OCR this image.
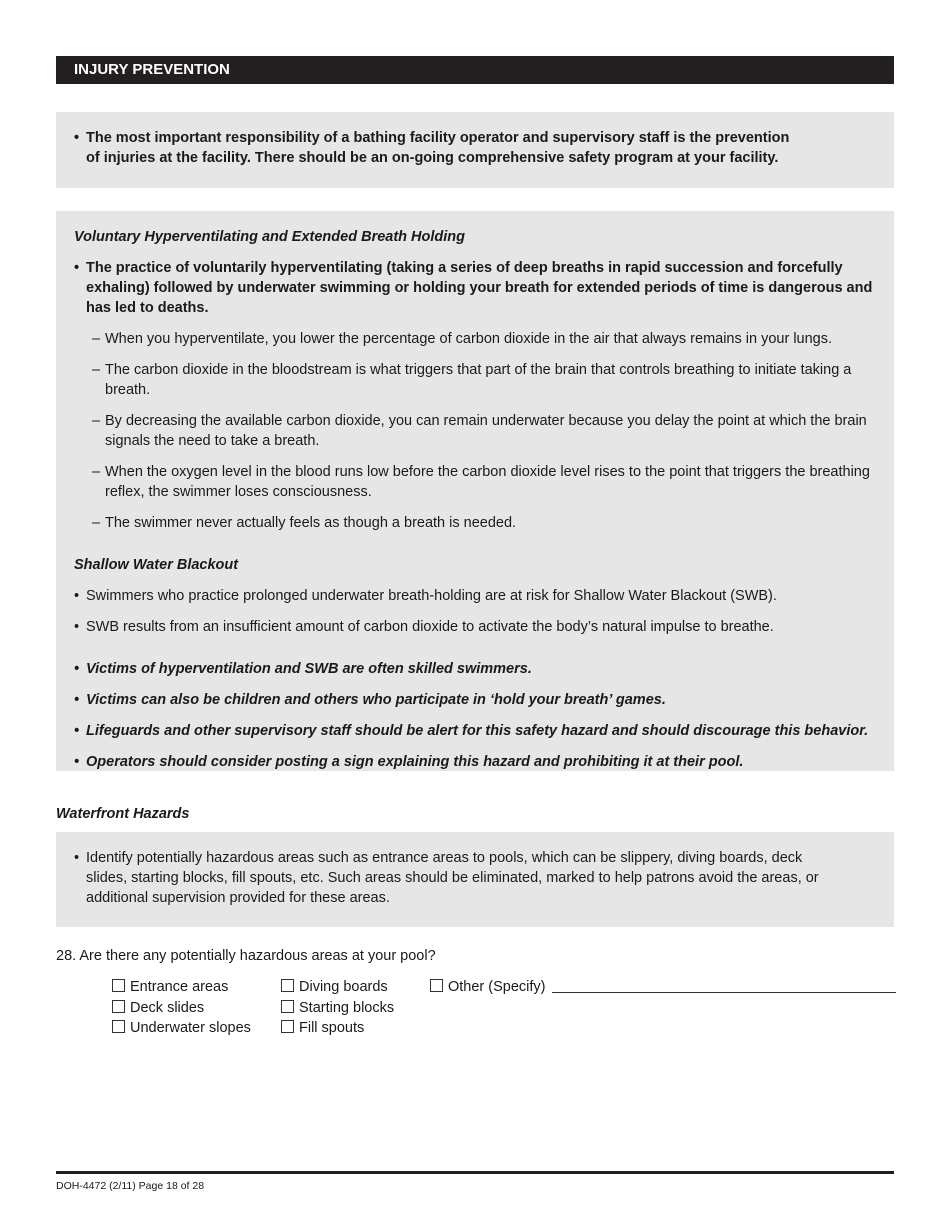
INJURY PREVENTION
• The most important responsibility of a bathing facility operator and supervisory staff is the prevention of injuries at the facility. There should be an on-going comprehensive safety program at your facility.
Voluntary Hyperventilating and Extended Breath Holding
• The practice of voluntarily hyperventilating (taking a series of deep breaths in rapid succession and forcefully exhaling) followed by underwater swimming or holding your breath for extended periods of time is dangerous and has led to deaths.
– When you hyperventilate, you lower the percentage of carbon dioxide in the air that always remains in your lungs.
– The carbon dioxide in the bloodstream is what triggers that part of the brain that controls breathing to initiate taking a breath.
– By decreasing the available carbon dioxide, you can remain underwater because you delay the point at which the brain signals the need to take a breath.
– When the oxygen level in the blood runs low before the carbon dioxide level rises to the point that triggers the breathing reflex, the swimmer loses consciousness.
– The swimmer never actually feels as though a breath is needed.
Shallow Water Blackout
• Swimmers who practice prolonged underwater breath-holding are at risk for Shallow Water Blackout (SWB).
• SWB results from an insufficient amount of carbon dioxide to activate the body’s natural impulse to breathe.
• Victims of hyperventilation and SWB are often skilled swimmers.
• Victims can also be children and others who participate in ‘hold your breath’ games.
• Lifeguards and other supervisory staff should be alert for this safety hazard and should discourage this behavior.
• Operators should consider posting a sign explaining this hazard and prohibiting it at their pool.
Waterfront Hazards
• Identify potentially hazardous areas such as entrance areas to pools, which can be slippery, diving boards, deck slides, starting blocks, fill spouts, etc. Such areas should be eliminated, marked to help patrons avoid the areas, or additional supervision provided for these areas.
28. Are there any potentially hazardous areas at your pool?
Entrance areas
Deck slides
Underwater slopes
Diving boards
Starting blocks
Fill spouts
Other (Specify)
DOH-4472 (2/11) Page 18 of 28
